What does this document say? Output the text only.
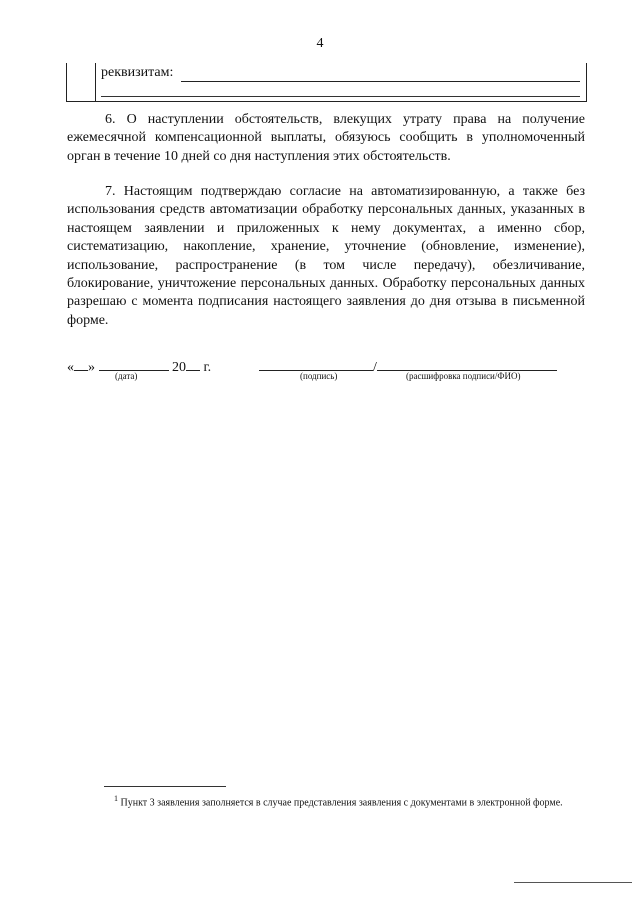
4
реквизитам:

6. О наступлении обстоятельств, влекущих утрату права на получение ежемесячной компенсационной выплаты, обязуюсь сообщить в уполномоченный орган в течение 10 дней со дня наступления этих обстоятельств.

7. Настоящим подтверждаю согласие на автоматизированную, а также без использования средств автоматизации обработку персональных данных, указанных в настоящем заявлении и приложенных к нему документах, а именно сбор, систематизацию, накопление, хранение, уточнение (обновление, изменение), использование, распространение (в том числе передачу), обезличивание, блокирование, уничтожение персональных данных. Обработку персональных данных разрешаю с момента подписания настоящего заявления до дня отзыва в письменной форме.

« »	20 г.	/
(дата)	(подпись)	(расшифровка подписи/ФИО)
$^1$ Пункт 3 заявления заполняется в случае представления заявления с документами в электронной форме.
